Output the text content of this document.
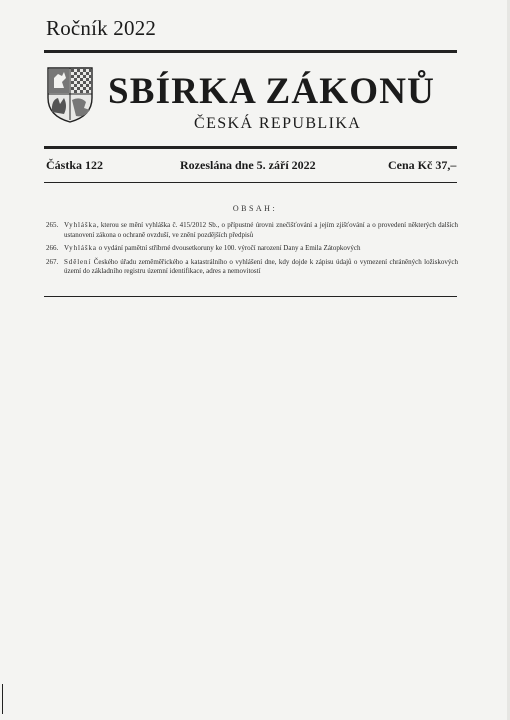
Ročník 2022
SBÍRKA ZÁKONŮ
ČESKÁ REPUBLIKA
Částka 122	Rozeslána dne 5. září 2022	Cena Kč 37,–
OBSAH:
265. Vyhláška, kterou se mění vyhláška č. 415/2012 Sb., o přípustné úrovni znečišťování a jejím zjišťování a o provedení některých dalších ustanovení zákona o ochraně ovzduší, ve znění pozdějších předpisů
266. Vyhláška o vydání pamětní stříbrné dvousetkoruny ke 100. výročí narození Dany a Emila Zátopkových
267. Sdělení Českého úřadu zeměměřického a katastrálního o vyhlášení dne, kdy dojde k zápisu údajů o vymezení chráněných ložiskových území do základního registru územní identifikace, adres a nemovitostí
